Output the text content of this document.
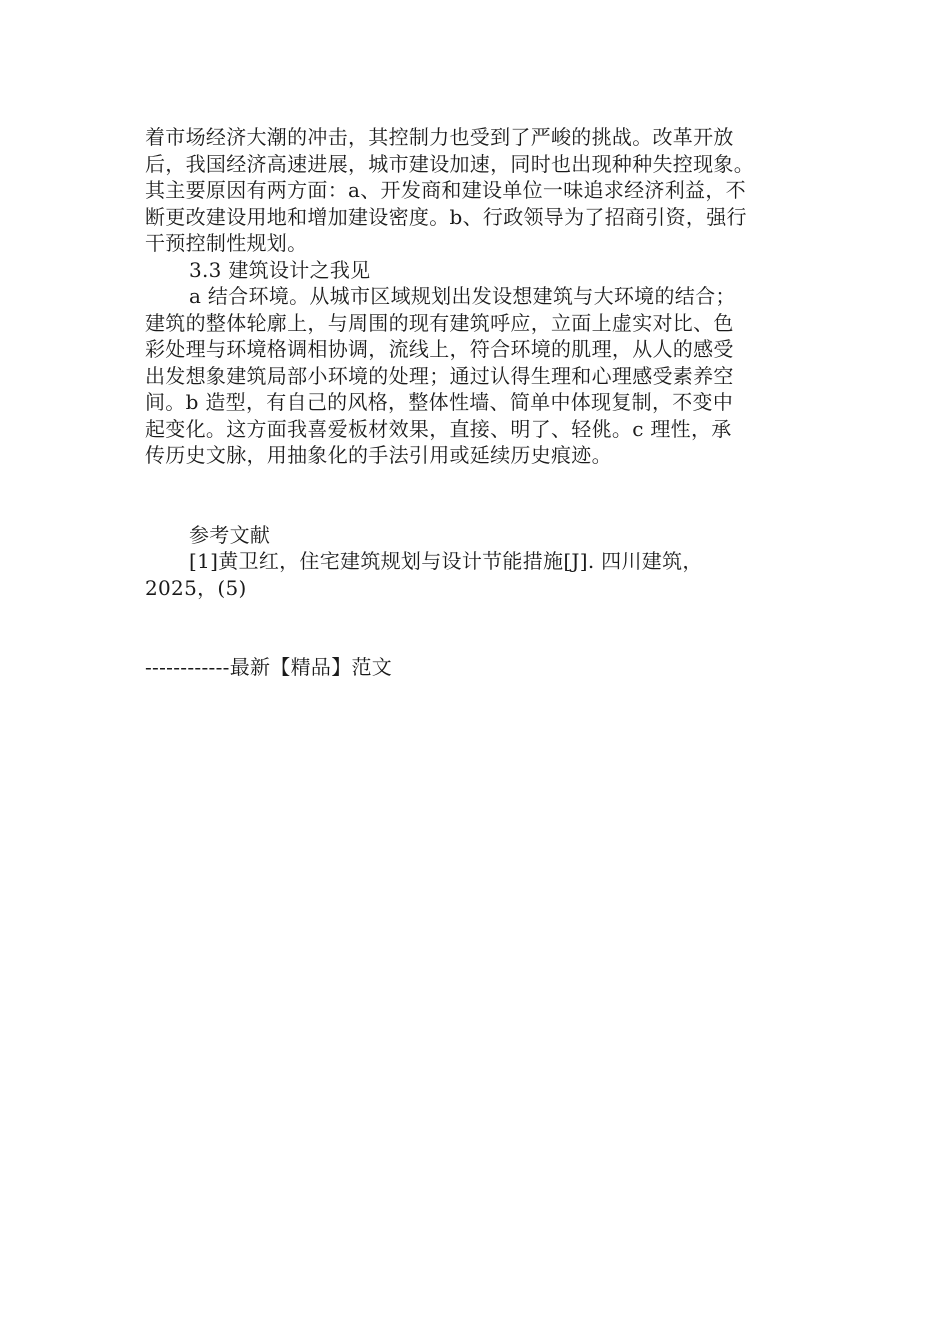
着市场经济大潮的冲击，其控制力也受到了严峻的挑战。改革开放
后，我国经济高速进展，城市建设加速，同时也出现种种失控现象。
其主要原因有两方面：a、开发商和建设单位一味追求经济利益，不
断更改建设用地和增加建设密度。b、行政领导为了招商引资，强行
干预控制性规划。
3.3 建筑设计之我见
a 结合环境。从城市区域规划出发设想建筑与大环境的结合；
建筑的整体轮廓上，与周围的现有建筑呼应，立面上虚实对比、色
彩处理与环境格调相协调，流线上，符合环境的肌理，从人的感受
出发想象建筑局部小环境的处理；通过认得生理和心理感受素养空
间。b 造型，有自己的风格，整体性墙、简单中体现复制，不变中
起变化。这方面我喜爱板材效果，直接、明了、轻佻。c 理性，承
传历史文脉，用抽象化的手法引用或延续历史痕迹。
参考文献
[1]黄卫红，住宅建筑规划与设计节能措施[J]. 四川建筑，
2025，(5)
------------最新【精品】范文
